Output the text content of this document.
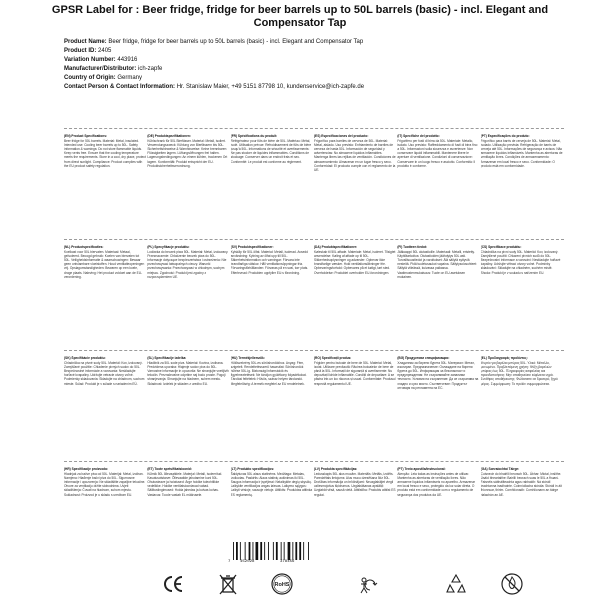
GPSR Label for : Beer fridge, fridge for beer barrels up to 50L barrels (basic) - incl. Elegant and Compensator Tap
Product Name: Beer fridge, fridge for beer barrels up to 50L barrels (basic) - incl. Elegant and Compensator Tap
Product ID: 2405
Variation Number: 443916
Manufacturer/Distributor: ich-zapfe
Country of Origin: Germany
Contact Person & Contact Information: Hr. Stanislaw Maier, +49 5151 87798 10, kundenservice@ich-zapfe.de
(EN) Product Specifications:
Beer fridge for 50L barrels. Material: Metal, insulated. Intended use: Cooling beer barrels up to 50L. Safety information & warnings: Do not store flammable liquids. Keep vents free. Ensure that the cooling temperature meets the requirements. Store in a cool, dry place, protect from direct sunlight. Compliance: Product complies with the EU product safety regulation.
(DE) Produktspezifikationen:
Kühlschrank für 50L Bierfässer. Material: Metall, isoliert. Verwendungszweck: Kühlung von Bierfässern bis 50L. Sicherheitshinweise & Warnhinweise: Keine brennbaren Flüssigkeiten lagern. Lüftungsöffnungen frei halten. Lagerungsbedingungen: An einem kühlen, trockenen Ort lagern. Konformität: Produkt entspricht der EU-Produktsicherheitsverordnung.
(FR) Spécifications du produit:
Réfrigérateur pour fûts de bière de 50L. Matériau: Métal, isolé. Utilisation prévue: Refroidissement de fûts de bière jusqu'à 50L. Informations de sécurité et avertissements: Ne pas stocker de liquides inflammables. Conditions de stockage: Conserver dans un endroit frais et sec. Conformité: Le produit est conforme au règlement.
(ES) Especificaciones del producto:
Frigorífico para barriles de cerveza de 50L. Material: Metal, aislado. Uso previsto: Enfriamiento de barriles de cerveza de hasta 50L. Información de seguridad y advertencias: No almacene líquidos inflamables. Mantenga libres las rejillas de ventilación. Condiciones de almacenamiento: Almacenar en un lugar fresco y seco. Conformidad: El producto cumple con el reglamento de la UE.
(IT) Specifiche del prodotto:
Frigorifero per fusti di birra da 50L. Materiale: Metallo, isolato. Uso previsto: Raffreddamento di fusti di birra fino a 50L. Informazioni sulla sicurezza e avvertenze: Non conservare liquidi infiammabili. Mantenere libere le aperture di ventilazione. Condizioni di conservazione: Conservare in un luogo fresco e asciutto. Conformità: Il prodotto è conforme.
(PT) Especificações do produto:
Frigorífico para barris de cerveja de 50L. Material: Metal, isolado. Utilização prevista: Refrigeração de barris de cerveja até 50L. Informações de segurança e avisos: Não armazene líquidos inflamáveis. Mantenha as aberturas de ventilação livres. Condições de armazenamento: Armazenar em local fresco e seco. Conformidade: O produto está em conformidade.
(NL) Productspecificaties:
Koelkast voor 50L biervaten. Materiaal: Metaal, geïsoleerd. Beoogd gebruik: Koelen van biervaten tot 50L. Veiligheidsinformatie & waarschuwingen: Bewaar geen ontvlambare vloeistoffen. Houd ventilatieopeningen vrij. Opslagomstandigheden: Bewaren op een koele, droge plaats. Naleving: Het product voldoet aan de EU-verordening.
(PL) Specyfikacje produktu:
Lodówka do beczek piwa 50L. Materiał: Metal, izolowany. Przeznaczenie: Chłodzenie beczek piwa do 50L. Informacje dotyczące bezpieczeństwa i ostrzeżenia: Nie przechowywać łatwopalnych cieczy. Warunki przechowywania: Przechowywać w chłodnym, suchym miejscu. Zgodność: Produkt jest zgodny z rozporządzeniem UE.
(SV) Produktspecifikationer:
Kylskåp för 50L ölfat. Material: Metall, isolerad. Avsedd användning: Kylning av ölfat upp till 50L. Säkerhetsinformation och varningar: Förvara inte brandfarliga vätskor. Håll ventilationsöppningar fria. Förvaringsförhållanden: Förvaras på en sval, torr plats. Efterlevnad: Produkten uppfyller EU:s förordning.
(DA) Produktspecifikationer:
Køleskab til 50L ølfade. Materiale: Metal, isoleret. Tilsigtet anvendelse: Køling af ølfade op til 50L. Sikkerhedsoplysninger og advarsler: Opbevar ikke brandfarlige væsker. Hold ventilationsåbninger frie. Opbevaringsforhold: Opbevares på et køligt, tørt sted. Overholdelse: Produktet overholder EU-forordningen.
(FI) Tuotteen tiedot:
Jääkaappi 50L olutastioille. Materiaali: Metalli, eristetty. Käyttötarkoitus: Olutastioiden jäähdytys 50L asti. Turvallisuustiedot ja varoitukset: Älä säilytä syttyviä nesteitä. Pidä tuuletusaukot vapaina. Säilytysolosuhteet: Säilytä viileässä, kuivassa paikassa. Vaatimustenmukaisuus: Tuote on EU-asetuksen mukainen.
(CS) Specifikace produktu:
Chladnička na pivní sudy 50L. Materiál: Kov, izolovaný. Zamýšlené použití: Chlazení pivních sudů do 50L. Bezpečnostní informace a varování: Neskladujte hořlavé kapaliny. Udržujte větrací otvory volné. Podmínky skladování: Skladujte na chladném, suchém místě. Shoda: Produkt je v souladu s nařízením EU.
(SK) Špecifikácie produktu:
Chladnička na pivné sudy 50L. Materiál: Kov, izolovaný. Zamýšľané použitie: Chladenie pivných sudov do 50L. Bezpečnostné informácie a varovania: Neskladujte horľavé kvapaliny. Udržujte vetracie otvory voľné. Podmienky skladovania: Skladujte na chladnom, suchom mieste. Súlad: Produkt je v súlade s nariadením EÚ.
(SL) Specifikacije izdelka:
Hladilnik za 50L sode piva. Material: Kovina, izolirana. Predvidena uporaba: Hlajenje sodov piva do 50L. Varnostne informacije in opozorila: Ne shranjujte vnetljivih tekočin. Prezračevalne odprtine naj bodo proste. Pogoji shranjevanja: Shranjujte na hladnem, suhem mestu. Skladnost: Izdelek je skladen z uredbo EU.
(HU) Termékjellemzők:
Hűtőszekrény 50L-es söröshordókhoz. Anyag: Fém, szigetelt. Rendeltetésszerű használat: Söröshordók hűtése 50L-ig. Biztonsági információk és figyelmeztetések: Ne tároljon gyúlékony folyadékokat. Tárolási feltételek: Hűvös, száraz helyen tárolandó. Megfelelőség: A termék megfelel az EU rendeletnek.
(RO) Specificații produs:
Frigider pentru butoaie de bere de 50L. Material: Metal, izolat. Utilizare prevăzută: Răcirea butoaielor de bere de până la 50L. Informații de siguranță și avertismente: Nu depozitați lichide inflamabile. Condiții de depozitare: A se păstra într-un loc răcoros și uscat. Conformitate: Produsul respectă regulamentul UE.
(BG) Продуктови спецификации:
Хладилник за бирени бурета 50L. Материал: Метал, изолиран. Предназначение: Охлаждане на бирени бурета до 50L. Информация за безопасност и предупреждения: Не съхранявайте запалими течности. Условия на съхранение: Да се съхранява на хладно и сухо място. Съответствие: Продуктът отговаря на регламента на ЕС.
(EL) Προδιαγραφές προϊόντος:
Ψυγείο για βαρέλια μπύρας 50L. Υλικό: Μέταλλο, μονωμένο. Προβλεπόμενη χρήση: Ψύξη βαρελιών μπύρας έως 50L. Πληροφορίες ασφαλείας και προειδοποιήσεις: Μην αποθηκεύετε εύφλεκτα υγρά. Συνθήκες αποθήκευσης: Φυλάσσετε σε δροσερό, ξηρό μέρος. Συμμόρφωση: Το προϊόν συμμορφώνεται.
(HR) Specifikacije proizvoda:
Hladnjak za bačve piva od 50L. Materijal: Metal, izoliran. Namjena: Hlađenje bačvi piva do 50L. Sigurnosne informacije i upozorenja: Ne skladištite zapaljive tekućine. Otvore za ventilaciju držite slobodnima. Uvjeti skladištenja: Čuvati na hladnom, suhom mjestu. Sukladnost: Proizvod je u skladu s uredbom EU.
(ET) Toote spetsifikatsioonid:
Külmik 50L õllevaatidele. Materjal: Metall, isoleeritud. Kasutusotstarve: Õllevaatide jahutamine kuni 50L. Ohutusteave ja hoiatused: Ärge hoidke tuleohtlikke vedelikke. Hoidke ventilatsiooniavad vabad. Säilitustingimused: Hoida jahedas ja kuivas kohas. Vastavus: Toode vastab EL määrusele.
(LT) Produkto specifikacijos:
Šaldytuvas 50L alaus statinėms. Medžiaga: Metalas, izoliuotas. Paskirtis: Alaus statinių aušinimas iki 50L. Saugos informacija ir įspėjimai: Nelaikykite degių skysčių. Laikykite ventiliacijos angas laisvas. Laikymo sąlygos: Laikyti vėsioje, sausoje vietoje. Atitiktis: Produktas atitinka ES reglamentą.
(LV) Produkta specifikācijas:
Ledusskapis 50L alus mucām. Materiāls: Metāls, izolēts. Paredzētais lietojums: Alus mucu dzesēšana līdz 50L. Drošības informācija un brīdinājumi: Neuzglabājiet viegli uzliesmojošus šķidrumus. Uzglabāšanas apstākļi: Uzglabāt vēsā, sausā vietā. Atbilstība: Produkts atbilst ES regulai.
(PT) Texto apostila/instrucional:
Atenção: Leia todas as instruções antes de utilizar. Mantenha as aberturas de ventilação livres. Não armazene líquidos inflamáveis no aparelho. Armazenar em local fresco e seco, protegido da luz solar direta. O produto está em conformidade com o regulamento de segurança dos produtos da UE.
(GA) Sonraíochtaí Táirge:
Cuisneoir do bhairillí beorach 50L. Ábhar: Miotal, inslithe. Úsáid bheartaithe: Bairillí beorach suas le 50L a fhuarú. Faisnéis sábháilteachta agus rabhaidh: Ná stóráil leachtanna inadhainte. Coinníollacha stórála: Stóráil in áit fhionnuar, thirim. Comhlíonadh: Comhlíonann an táirge rialachán an AE.
7 452028	378456
RoHS
